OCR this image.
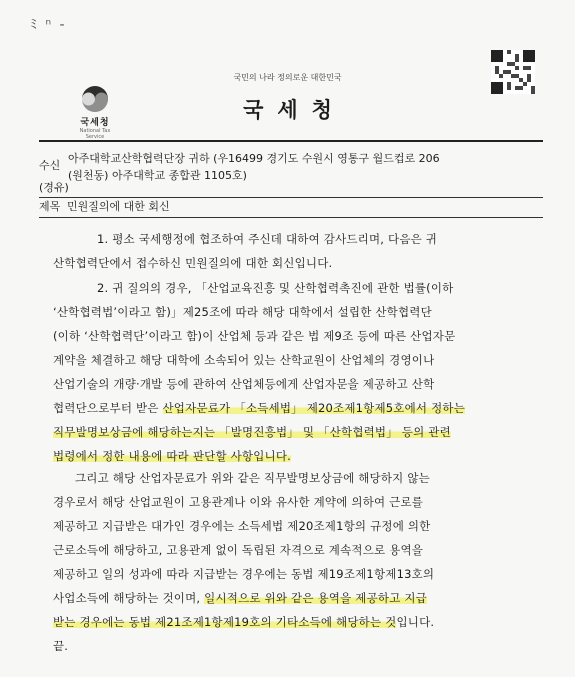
ﾐ ⁿ -
국민의 나라 정의로운 대한민국
국세청
National Tax Service
국세청
수신
아주대학교산학협력단장 귀하 (우16499 경기도 수원시 영통구 월드컵로 206
(원천동) 아주대학교 종합관 1105호)
(경유)
제목 민원질의에 대한 회신
1. 평소 국세행정에 협조하여 주신데 대하여 감사드리며, 다음은 귀
산학협력단에서 접수하신 민원질의에 대한 회신입니다.
2. 귀 질의의 경우, 「산업교육진흥 및 산학협력촉진에 관한 법률(이하
‘산학협력법’이라고 함)」제25조에 따라 해당 대학에서 설립한 산학협력단
(이하 ‘산학협력단’이라고 함)이 산업체 등과 같은 법 제9조 등에 따른 산업자문
계약을 체결하고 해당 대학에 소속되어 있는 산학교원이 산업체의 경영이나
산업기술의 개량·개발 등에 관하여 산업체등에게 산업자문을 제공하고 산학
협력단으로부터 받은 산업자문료가 「소득세법」 제20조제1항제5호에서 정하는
직무발명보상금에 해당하는지는 「발명진흥법」 및 「산학협력법」 등의 관련
법령에서 정한 내용에 따라 판단할 사항입니다.
그리고 해당 산업자문료가 위와 같은 직무발명보상금에 해당하지 않는
경우로서 해당 산업교원이 고용관계나 이와 유사한 계약에 의하여 근로를
제공하고 지급받은 대가인 경우에는 소득세법 제20조제1항의 규정에 의한
근로소득에 해당하고, 고용관계 없이 독립된 자격으로 계속적으로 용역을
제공하고 일의 성과에 따라 지급받는 경우에는 동법 제19조제1항제13호의
사업소득에 해당하는 것이며, 일시적으로 위와 같은 용역을 제공하고 지급
받는 경우에는 동법 제21조제1항제19호의 기타소득에 해당하는 것입니다.
끝.
